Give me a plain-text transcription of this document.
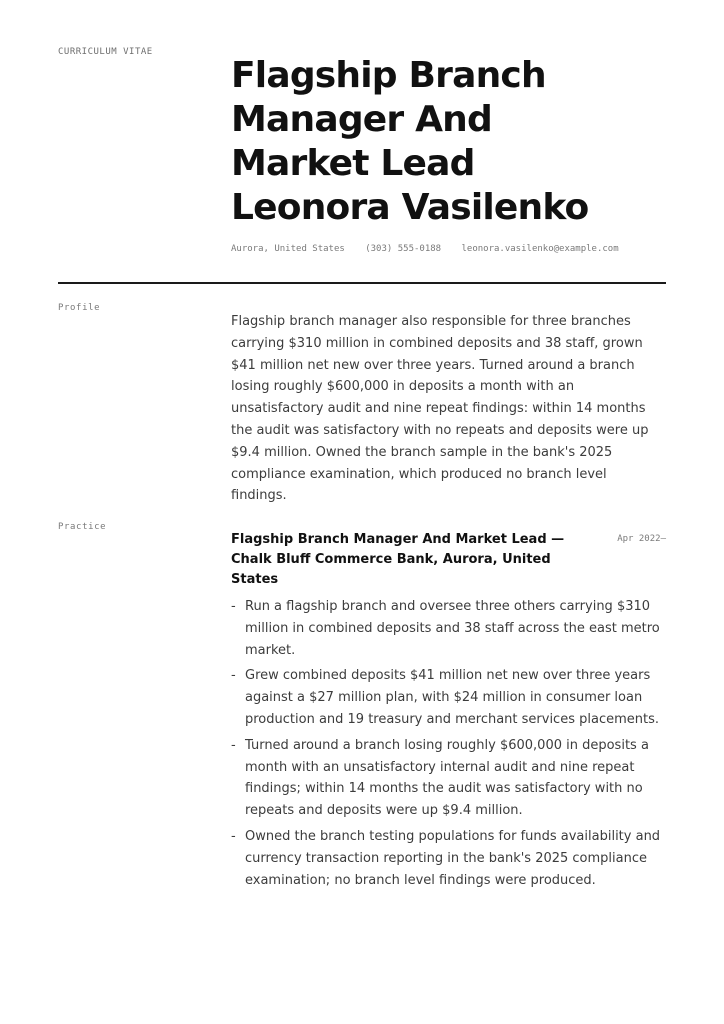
CURRICULUM VITAE
Flagship Branch
Manager And
Market Lead
Leonora Vasilenko
Aurora, United States (303) 555-0188 leonora.vasilenko@example.com
Profile
Flagship branch manager also responsible for three branches carrying $310 million in combined deposits and 38 staff, grown $41 million net new over three years. Turned around a branch losing roughly $600,000 in deposits a month with an unsatisfactory audit and nine repeat findings: within 14 months the audit was satisfactory with no repeats and deposits were up $9.4 million. Owned the branch sample in the bank's 2025 compliance examination, which produced no branch level findings.
Practice
Flagship Branch Manager And Market Lead — Chalk Bluff Commerce Bank, Aurora, United States
Apr 2022–
- Run a flagship branch and oversee three others carrying $310 million in combined deposits and 38 staff across the east metro market.
- Grew combined deposits $41 million net new over three years against a $27 million plan, with $24 million in consumer loan production and 19 treasury and merchant services placements.
- Turned around a branch losing roughly $600,000 in deposits a month with an unsatisfactory internal audit and nine repeat findings; within 14 months the audit was satisfactory with no repeats and deposits were up $9.4 million.
- Owned the branch testing populations for funds availability and currency transaction reporting in the bank's 2025 compliance examination; no branch level findings were produced.
